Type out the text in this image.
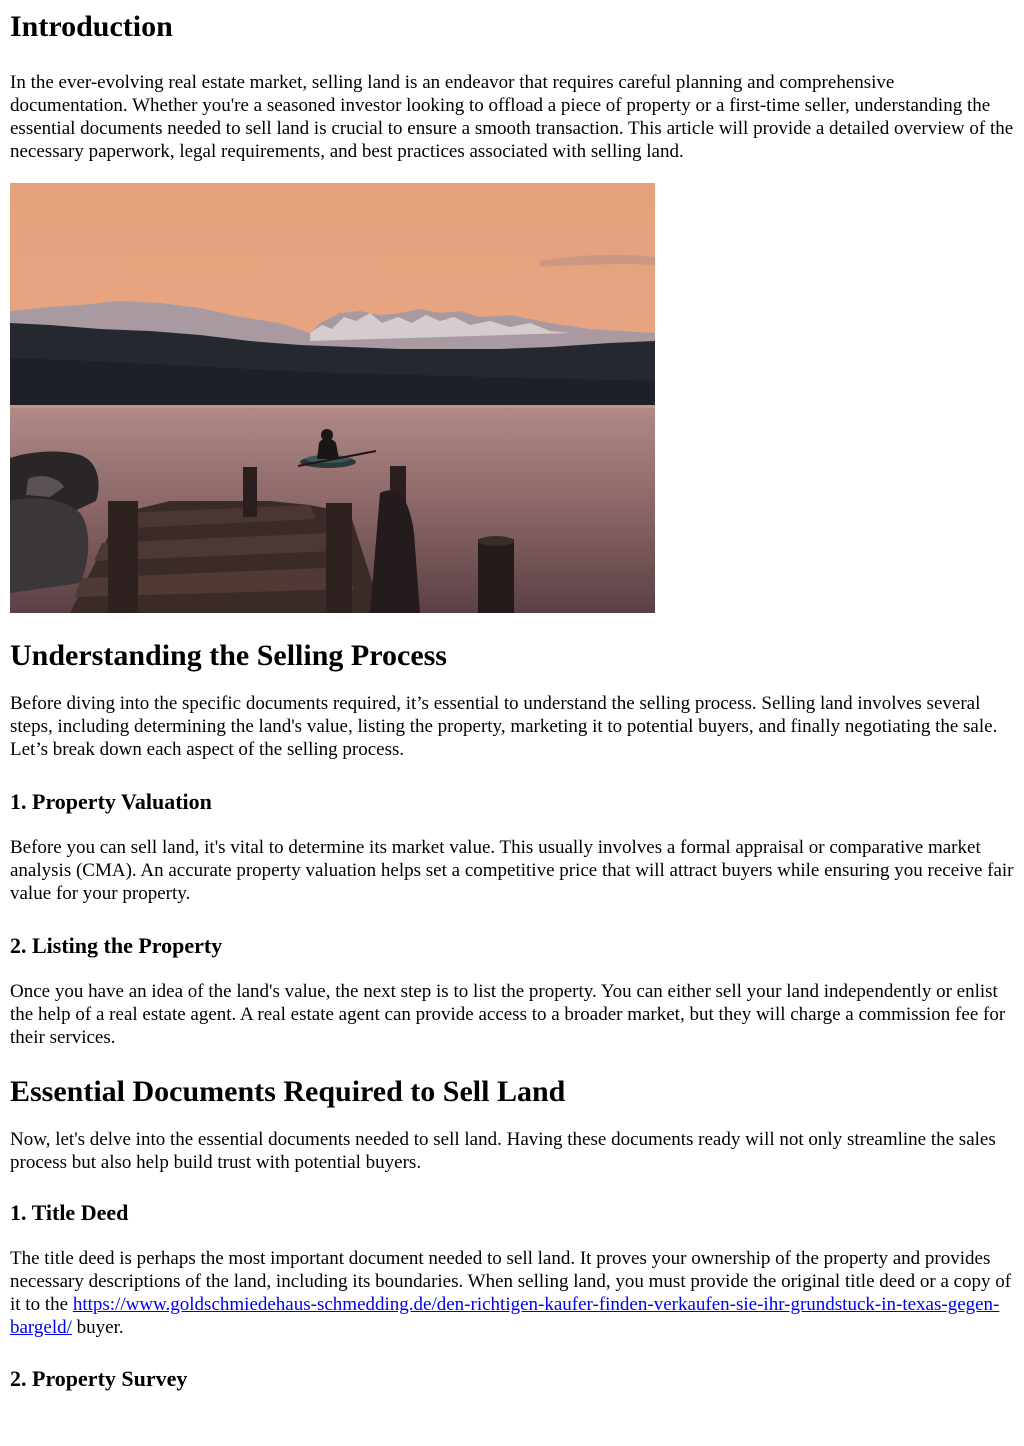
Introduction

In the ever-evolving real estate market, selling land is an endeavor that requires careful planning and comprehensive documentation. Whether you're a seasoned investor looking to offload a piece of property or a first-time seller, understanding the essential documents needed to sell land is crucial to ensure a smooth transaction. This article will provide a detailed overview of the necessary paperwork, legal requirements, and best practices associated with selling land.

Understanding the Selling Process

Before diving into the specific documents required, it’s essential to understand the selling process. Selling land involves several steps, including determining the land's value, listing the property, marketing it to potential buyers, and finally negotiating the sale. Let’s break down each aspect of the selling process.

1. Property Valuation

Before you can sell land, it's vital to determine its market value. This usually involves a formal appraisal or comparative market analysis (CMA). An accurate property valuation helps set a competitive price that will attract buyers while ensuring you receive fair value for your property.

2. Listing the Property

Once you have an idea of the land's value, the next step is to list the property. You can either sell your land independently or enlist the help of a real estate agent. A real estate agent can provide access to a broader market, but they will charge a commission fee for their services.

Essential Documents Required to Sell Land

Now, let's delve into the essential documents needed to sell land. Having these documents ready will not only streamline the sales process but also help build trust with potential buyers.

1. Title Deed

The title deed is perhaps the most important document needed to sell land. It proves your ownership of the property and provides necessary descriptions of the land, including its boundaries. When selling land, you must provide the original title deed or a copy of it to the https://www.goldschmiedehaus-schmedding.de/den-richtigen-kaufer-finden-verkaufen-sie-ihr-grundstuck-in-texas-gegen-bargeld/ buyer.

2. Property Survey
